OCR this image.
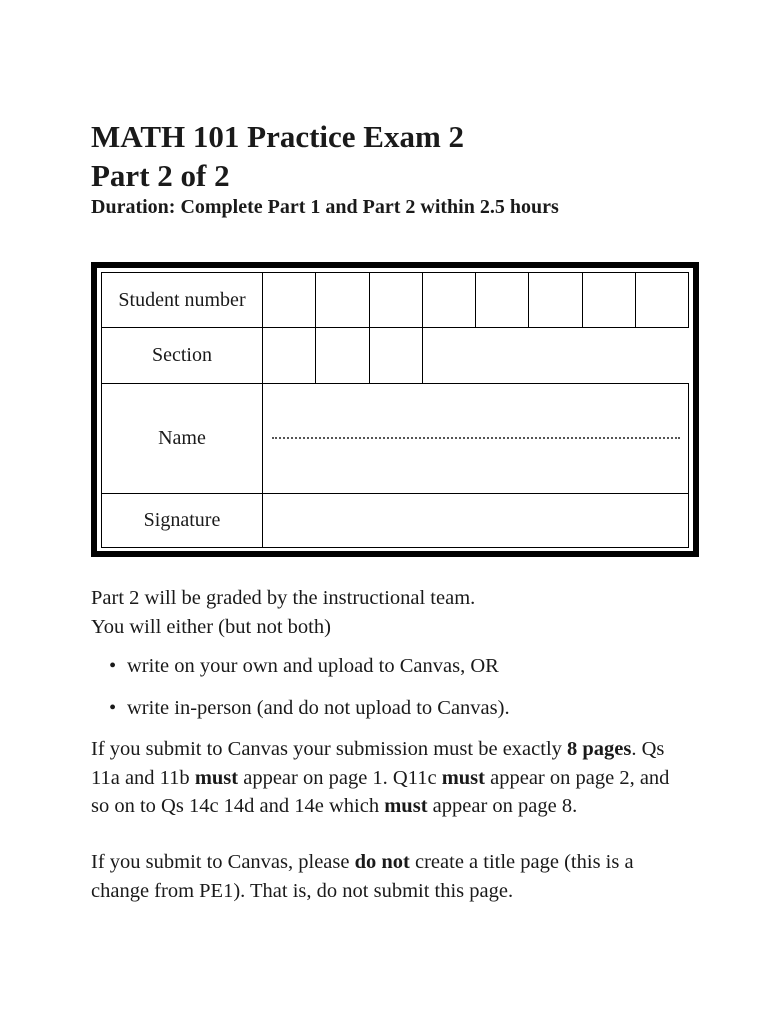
MATH 101 Practice Exam 2
Part 2 of 2
Duration: Complete Part 1 and Part 2 within 2.5 hours
Student number
Section
Name
Signature
Part 2 will be graded by the instructional team.
You will either (but not both)
• write on your own and upload to Canvas, OR
• write in-person (and do not upload to Canvas).

If you submit to Canvas your submission must be exactly 8 pages. Qs 11a and 11b must appear on page 1. Q11c must appear on page 2, and so on to Qs 14c 14d and 14e which must appear on page 8.

If you submit to Canvas, please do not create a title page (this is a change from PE1). That is, do not submit this page.
